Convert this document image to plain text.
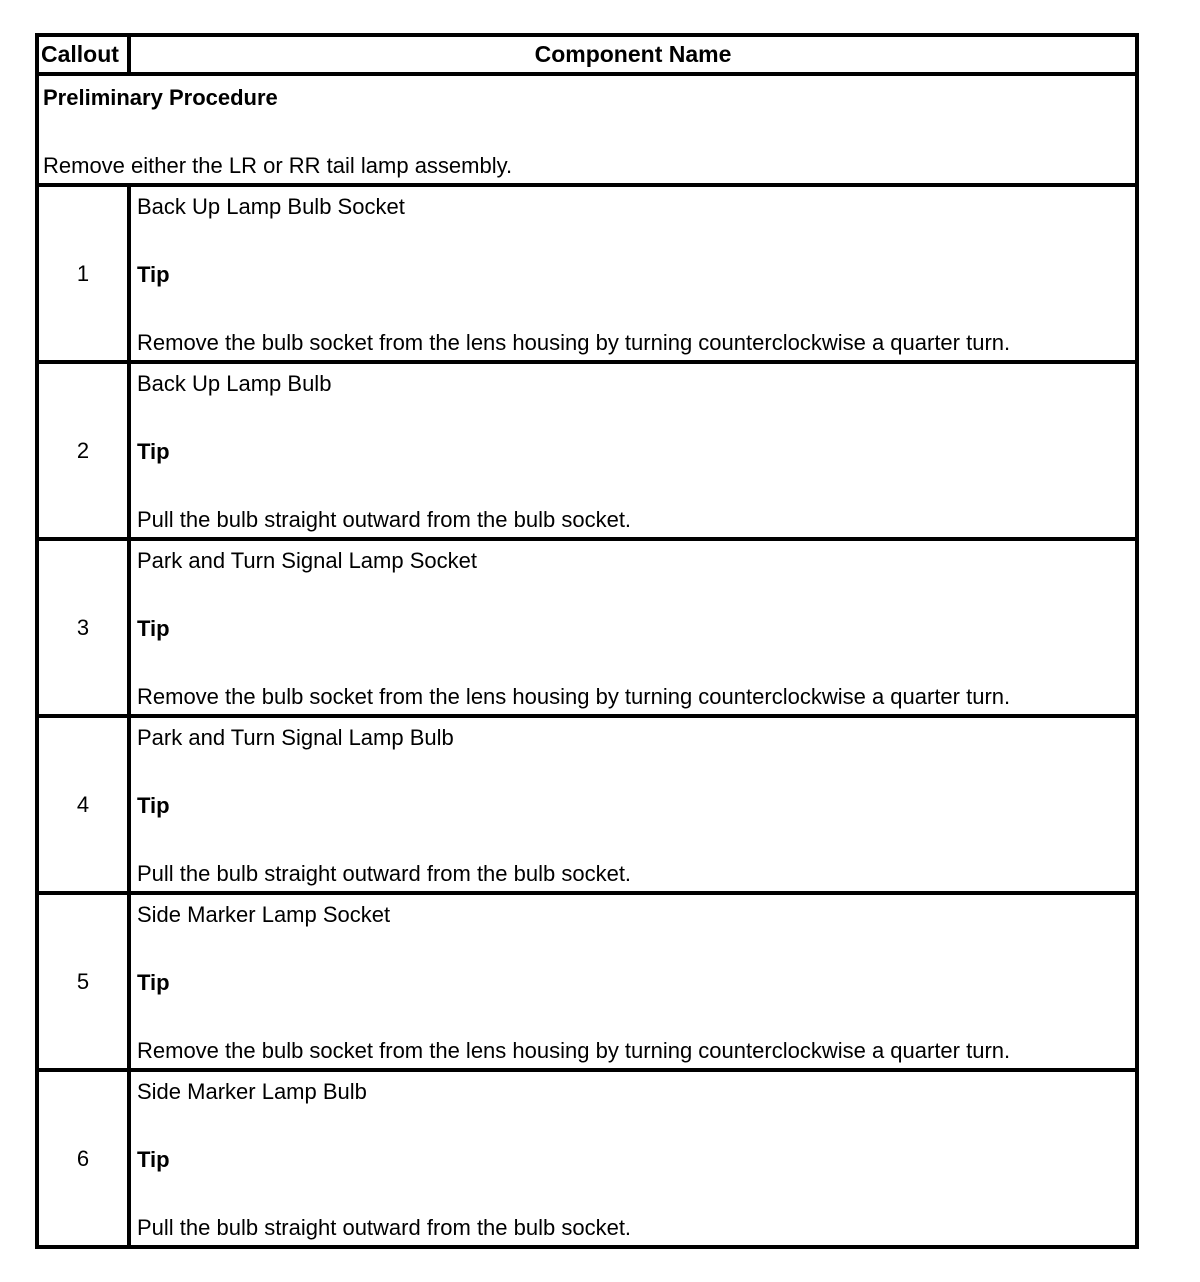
Callout	Component Name

Preliminary Procedure
Remove either the LR or RR tail lamp assembly.	

1	Back Up Lamp Bulb Socket
Tip
Remove the bulb socket from the lens housing by turning counterclockwise a quarter turn.

2	Back Up Lamp Bulb
Tip
Pull the bulb straight outward from the bulb socket.

3	Park and Turn Signal Lamp Socket
Tip
Remove the bulb socket from the lens housing by turning counterclockwise a quarter turn.

4	Park and Turn Signal Lamp Bulb
Tip
Pull the bulb straight outward from the bulb socket.

5	Side Marker Lamp Socket
Tip
Remove the bulb socket from the lens housing by turning counterclockwise a quarter turn.

6	Side Marker Lamp Bulb
Tip
Pull the bulb straight outward from the bulb socket.
